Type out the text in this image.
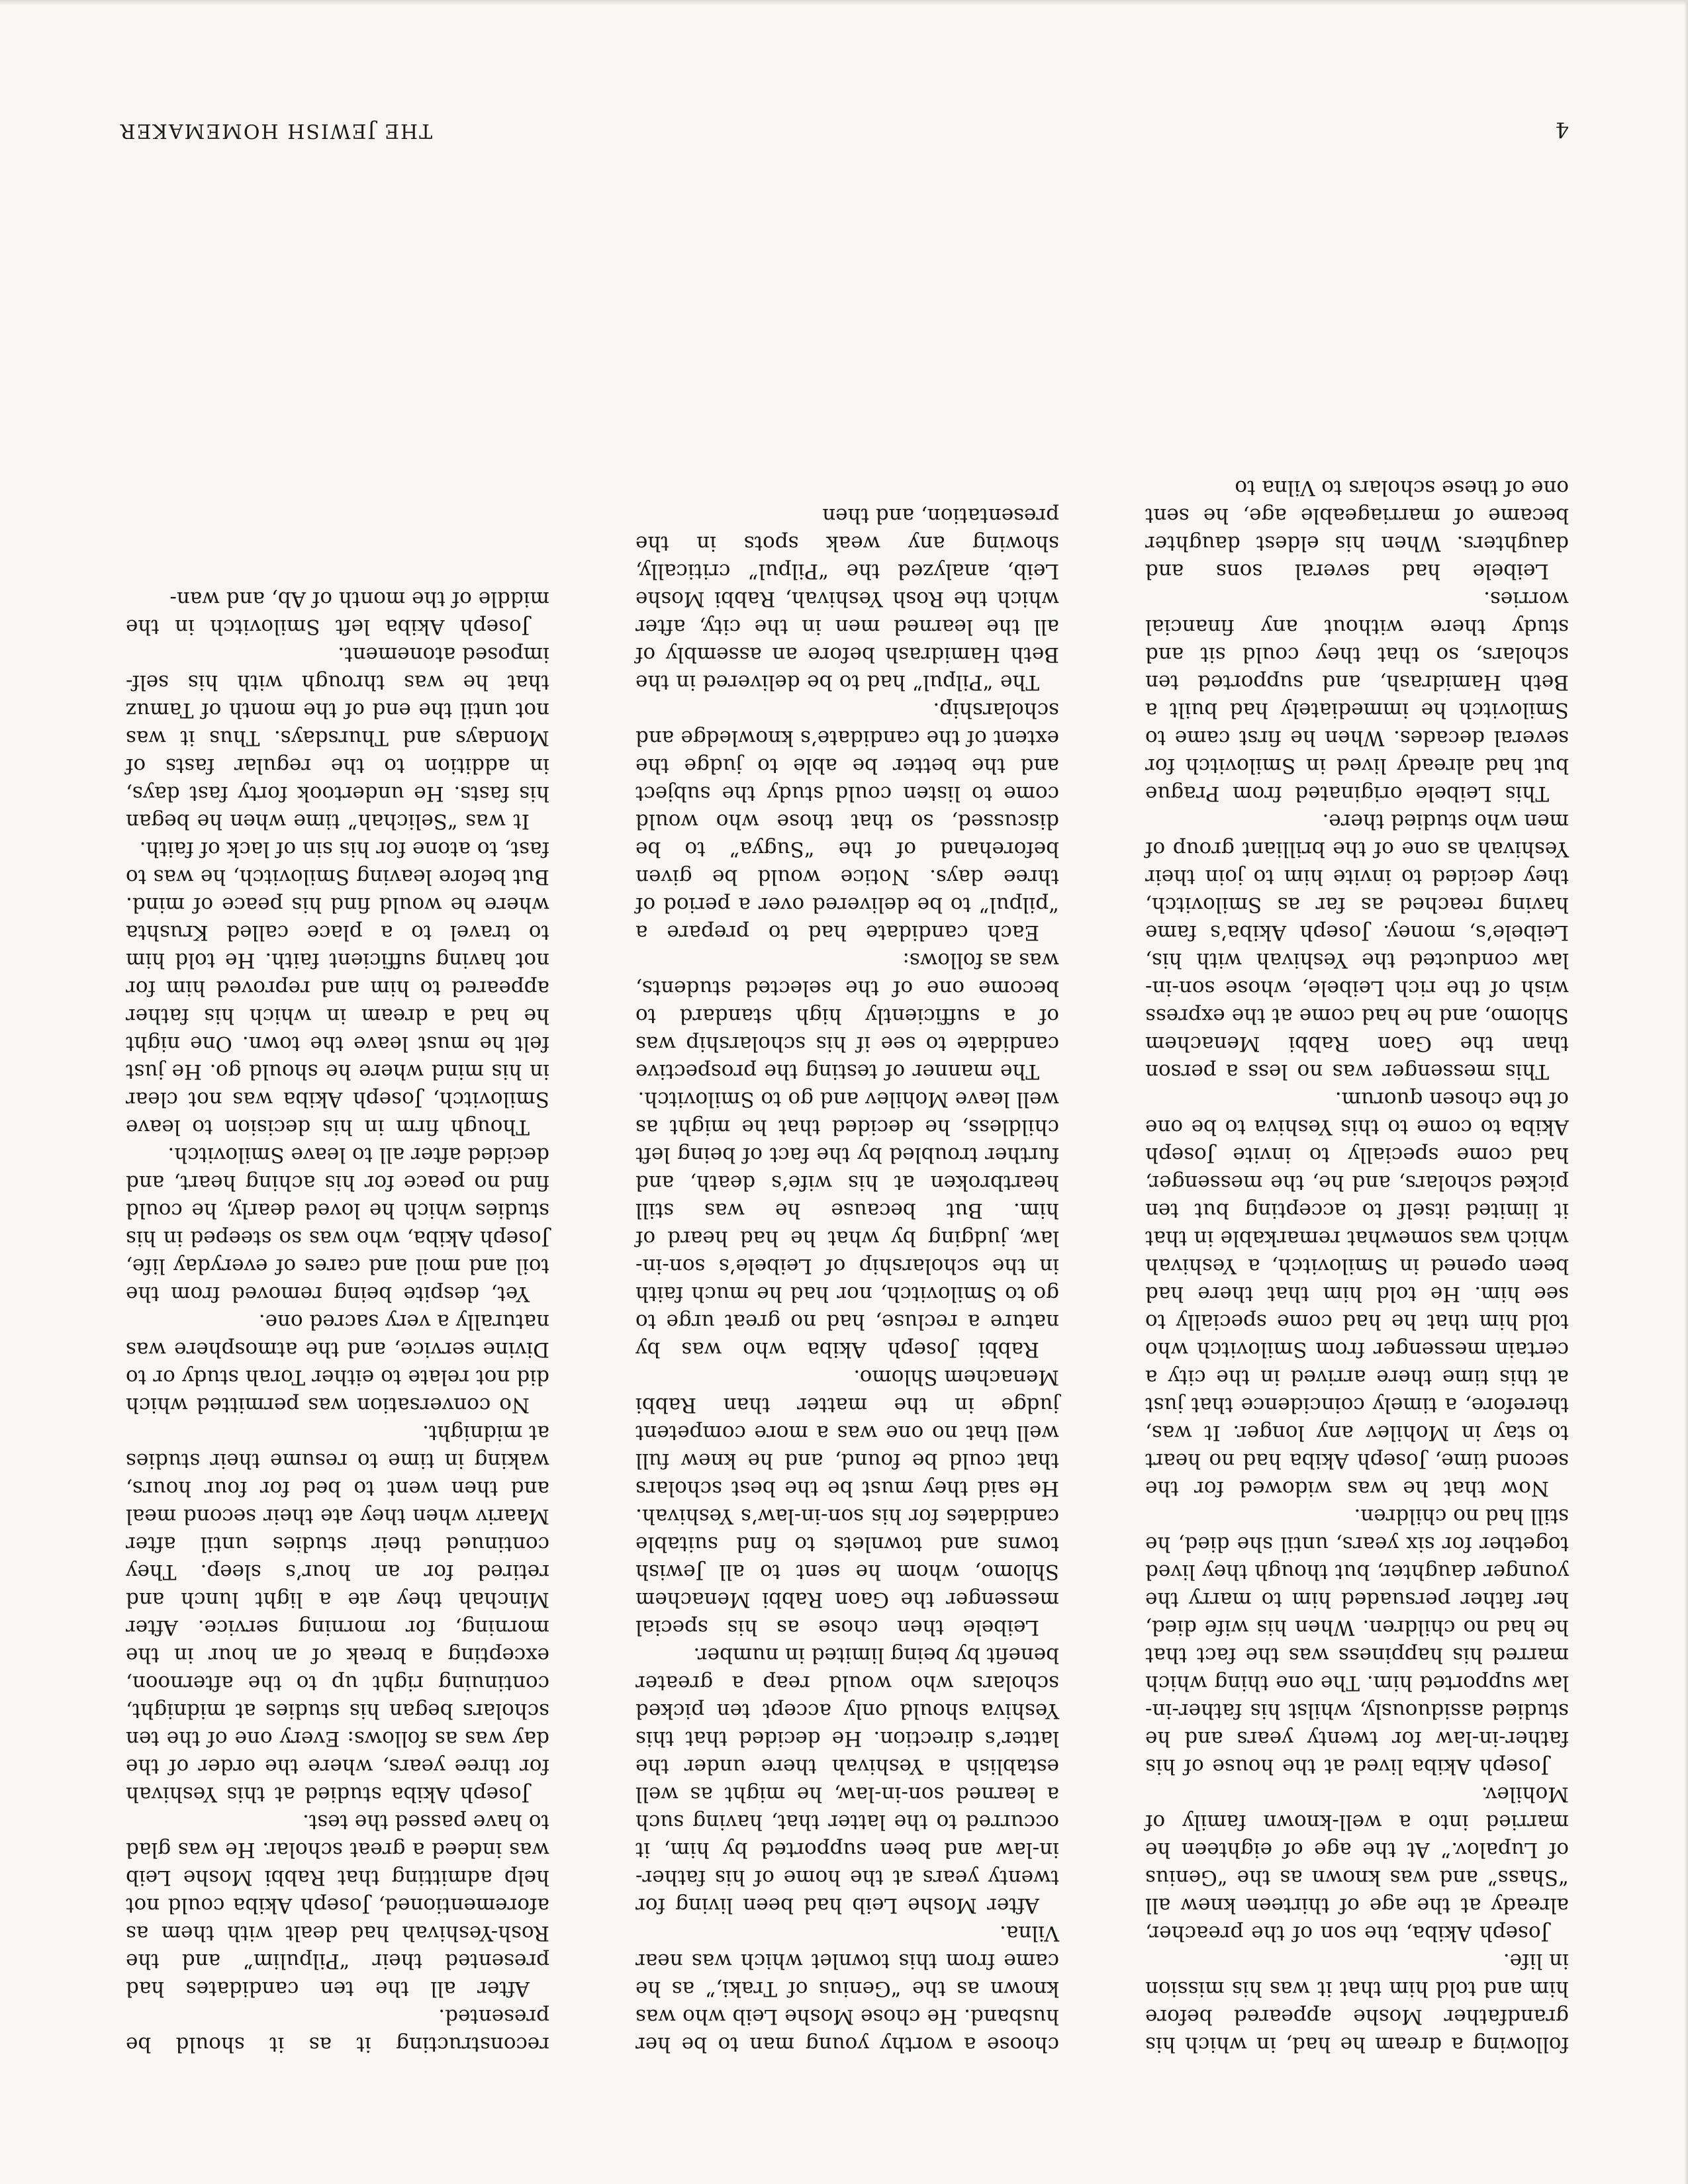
following a dream he had, in which his grandfather Moshe appeared before him and told him that it was his mission in life.

Joseph Akiba, the son of the preacher, already at the age of thirteen knew all “Shass” and was known as the “Genius of Lupalov.” At the age of eighteen he married into a well-known family of Mohilev.

Joseph Akiba lived at the house of his father-in-law for twenty years and he studied assiduously, whilst his father-in-law supported him. The one thing which marred his happiness was the fact that he had no children. When his wife died, her father persuaded him to marry the younger daughter, but though they lived together for six years, until she died, he still had no children.

Now that he was widowed for the second time, Joseph Akiba had no heart to stay in Mohilev any longer. It was, therefore, a timely coincidence that just at this time there arrived in the city a certain messenger from Smilovitch who told him that he had come specially to see him. He told him that there had been opened in Smilovitch, a Yeshivah which was somewhat remarkable in that it limited itself to accepting but ten picked scholars, and he, the messenger, had come specially to invite Joseph Akiba to come to this Yeshiva to be one of the chosen quorum.

This messenger was no less a person than the Gaon Rabbi Menachem Shlomo, and he had come at the express wish of the rich Leibele, whose son-in-law conducted the Yeshivah with his, Leibele’s, money. Joseph Akiba’s fame having reached as far as Smilovitch, they decided to invite him to join their Yeshivah as one of the brilliant group of men who studied there.

This Leibele originated from Prague but had already lived in Smilovitch for several decades. When he first came to Smilovitch he immediately had built a Beth Hamidrash, and supported ten scholars, so that they could sit and study there without any financial worries.

Leibele had several sons and daughters. When his eldest daughter became of marriageable age, he sent one of these scholars to Vilna to

choose a worthy young man to be her husband. He chose Moshe Leib who was known as the “Genius of Traki,” as he came from this townlet which was near Vilna.

After Moshe Leib had been living for twenty years at the home of his father-in-law and been supported by him, it occurred to the latter that, having such a learned son-in-law, he might as well establish a Yeshivah there under the latter’s direction. He decided that this Yeshiva should only accept ten picked scholars who would reap a greater benefit by being limited in number.

Leibele then chose as his special messenger the Gaon Rabbi Menachem Shlomo, whom he sent to all Jewish towns and townlets to find suitable candidates for his son-in-law’s Yeshivah. He said they must be the best scholars that could be found, and he knew full well that no one was a more competent judge in the matter than Rabbi Menachem Shlomo.

Rabbi Joseph Akiba who was by nature a recluse, had no great urge to go to Smilovitch, nor had he much faith in the scholarship of Leibele’s son-in-law, judging by what he had heard of him. But because he was still heartbroken at his wife’s death, and further troubled by the fact of being left childless, he decided that he might as well leave Mohilev and go to Smilovitch.

The manner of testing the prospective candidate to see if his scholarship was of a sufficiently high standard to become one of the selected students, was as follows:

Each candidate had to prepare a “pilpul” to be delivered over a period of three days. Notice would be given beforehand of the “Sugya” to be discussed, so that those who would come to listen could study the subject and the better be able to judge the extent of the candidate’s knowledge and scholarship.

The “Pilpul” had to be delivered in the Beth Hamidrash before an assembly of all the learned men in the city, after which the Rosh Yeshivah, Rabbi Moshe Leib, analyzed the “Pilpul” critically, showing any weak spots in the presentation, and then

reconstructing it as it should be presented.

After all the ten candidates had presented their “Pilpulim” and the Rosh-Yeshivah had dealt with them as aforementioned, Joseph Akiba could not help admitting that Rabbi Moshe Leib was indeed a great scholar. He was glad to have passed the test.

Joseph Akiba studied at this Yeshivah for three years, where the order of the day was as follows: Every one of the ten scholars began his studies at midnight, continuing right up to the afternoon, excepting a break of an hour in the morning, for morning service. After Minchah they ate a light lunch and retired for an hour’s sleep. They continued their studies until after Maariv when they ate their second meal and then went to bed for four hours, waking in time to resume their studies at midnight.

No conversation was permitted which did not relate to either Torah study or to Divine service, and the atmosphere was naturally a very sacred one.

Yet, despite being removed from the toil and moil and cares of everyday life, Joseph Akiba, who was so steeped in his studies which he loved dearly, he could find no peace for his aching heart, and decided after all to leave Smilovitch.

Though firm in his decision to leave Smilovitch, Joseph Akiba was not clear in his mind where he should go. He just felt he must leave the town. One night he had a dream in which his father appeared to him and reproved him for not having sufficient faith. He told him to travel to a place called Krushta where he would find his peace of mind. But before leaving Smilovitch, he was to fast, to atone for his sin of lack of faith.

It was “Selichah” time when he began his fasts. He undertook forty fast days, in addition to the regular fasts of Mondays and Thursdays. Thus it was not until the end of the month of Tamuz that he was through with his self-imposed atonement.

Joseph Akiba left Smilovitch in the middle of the month of Ab, and wan-

4
THE JEWISH HOMEMAKER
